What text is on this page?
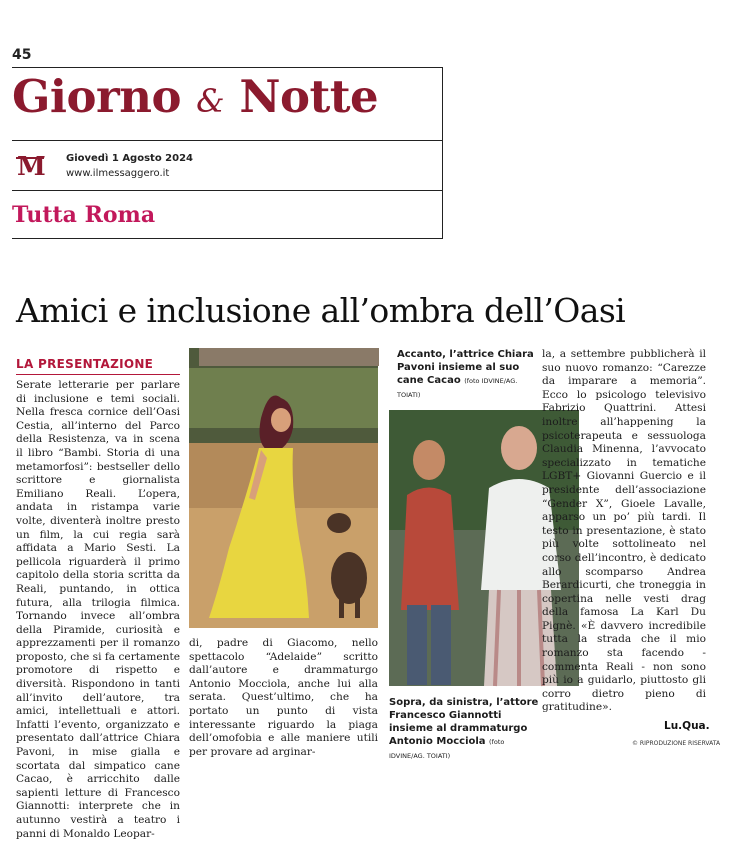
45
Giorno & Notte
M Giovedì 1 Agosto 2024
www.ilmessaggero.it
Tutta Roma
Amici e inclusione all’ombra dell’Oasi
LA PRESENTAZIONE

Serate letterarie per parlare di inclusione e temi sociali. Nella fresca cornice dell’Oasi Cestia, all’interno del Parco della Resistenza, va in scena il libro “Bambi. Storia di una metamorfosi”: bestseller dello scrittore e giornalista Emiliano Reali. L’opera, andata in ristampa varie volte, diventerà inoltre presto un film, la cui regia sarà affidata a Mario Sesti. La pellicola riguarderà il primo capitolo della storia scritta da Reali, puntando, in ottica futura, alla trilogia filmica. Tornando invece all’ombra della Piramide, curiosità e apprezzamenti per il romanzo proposto, che si fa certamente promotore di rispetto e diversità. Rispondono in tanti all’invito dell’autore, tra amici, intellettuali e attori. Infatti l’evento, organizzato e presentato dall’attrice Chiara Pavoni, in mise gialla e scortata dal simpatico cane Cacao, è arricchito dalle sapienti letture di Francesco Giannotti: interprete che in autunno vestirà a teatro i panni di Monaldo Leopar-

Accanto, l’attrice Chiara Pavoni insieme al suo cane Cacao (foto IDVINE/AG. TOIATI)

di, padre di Giacomo, nello spettacolo “Adelaide” scritto dall’autore e drammaturgo Antonio Mocciola, anche lui alla serata. Quest’ultimo, che ha portato un punto di vista interessante riguardo la piaga dell’omofobia e alle maniere utili per provare ad arginar-

Sopra, da sinistra, l’attore Francesco Giannotti insieme al drammaturgo Antonio Mocciola (foto IDVINE/AG. TOIATI)

la, a settembre pubblicherà il suo nuovo romanzo: “Carezze da imparare a memoria”. Ecco lo psicologo televisivo Fabrizio Quattrini. Attesi inoltre all’happening la psicoterapeuta e sessuologa Claudia Minenna, l’avvocato specializzato in tematiche LGBT+ Giovanni Guercio e il presidente dell’associazione “Gender X”, Gioele Lavalle, apparso un po’ più tardi. Il testo in presentazione, è stato più volte sottolineato nel corso dell’incontro, è dedicato allo scomparso Andrea Berardicurti, che troneggia in copertina nelle vesti drag della famosa La Karl Du Pignè. «È davvero incredibile tutta la strada che il mio romanzo sta facendo - commenta Reali - non sono più io a guidarlo, piuttosto gli corro dietro pieno di gratitudine».

Lu.Qua.
© RIPRODUZIONE RISERVATA
